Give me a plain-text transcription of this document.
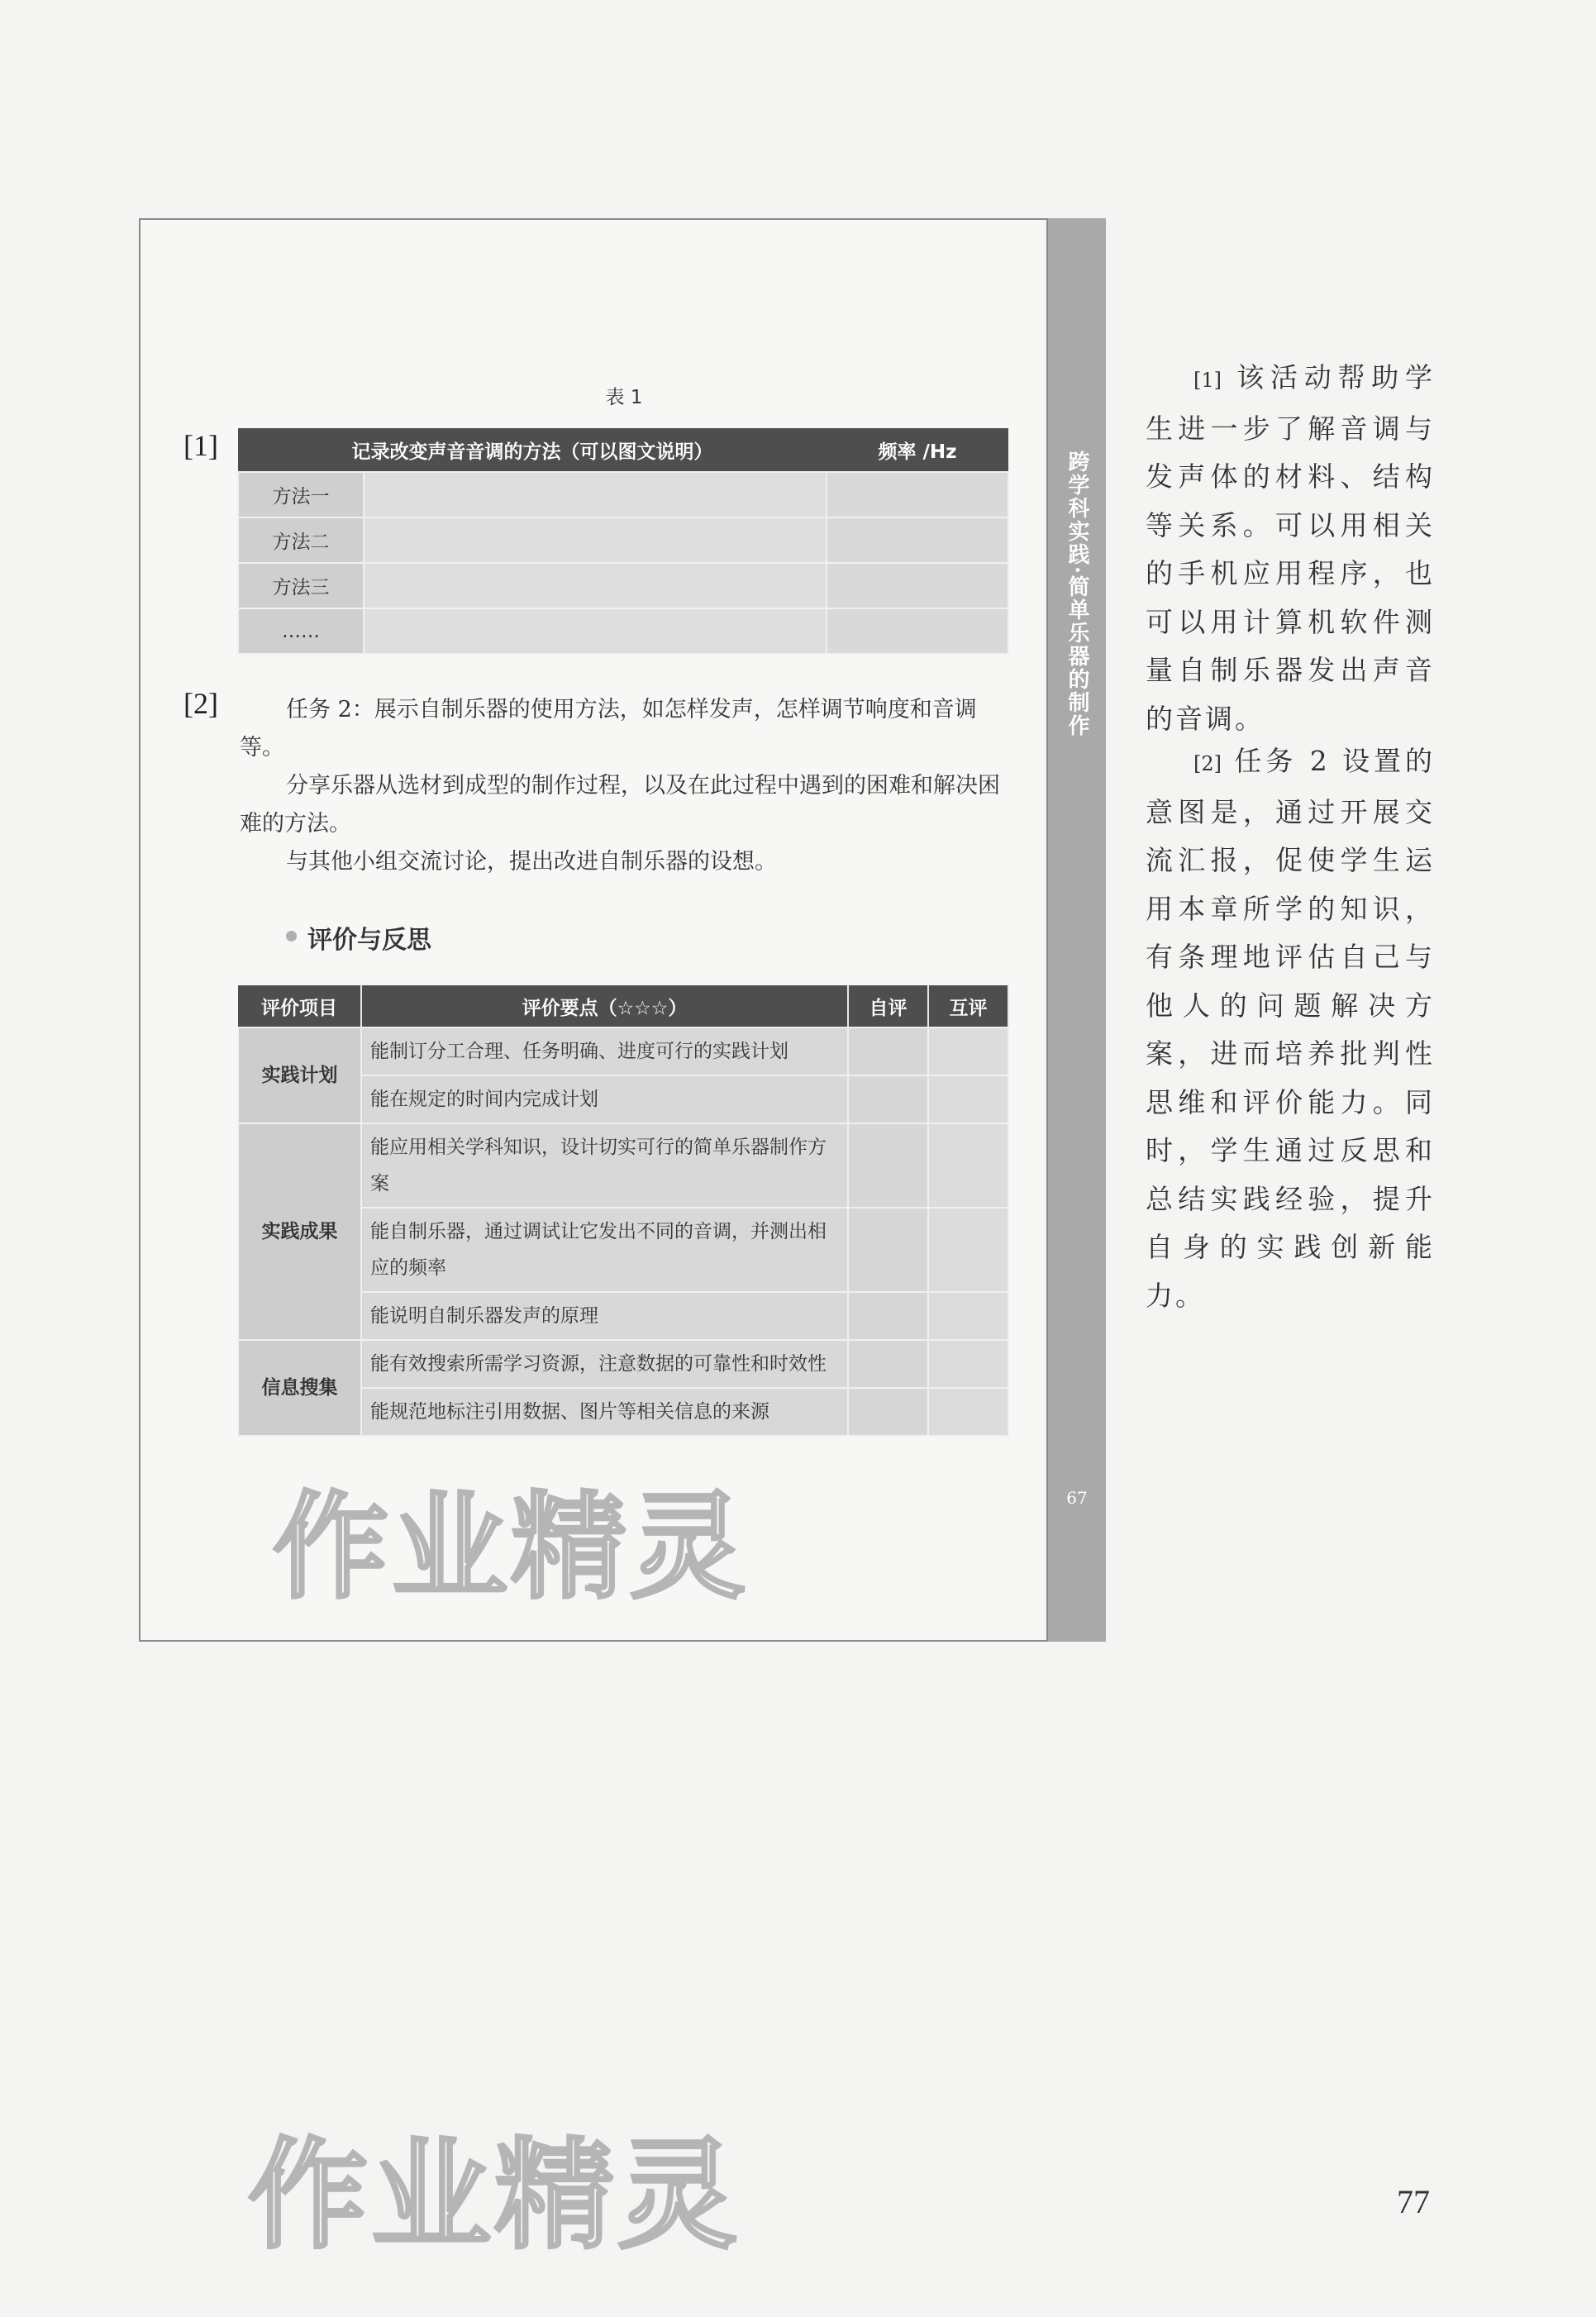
跨学科实践·简单乐器的制作
67
表 1
[1]	记录改变声音音调的方法（可以图文说明）		频率 /Hz
方法一		
方法二		
方法三		
……		
[2]	任务 2：展示自制乐器的使用方法，如怎样发声，怎样调节响度和音调等。

分享乐器从选材到成型的制作过程，以及在此过程中遇到的困难和解决困难的方法。

与其他小组交流讨论，提出改进自制乐器的设想。

评价与反思
评价项目	评价要点（☆☆☆）	自评	互评
实践计划	能制订分工合理、任务明确、进度可行的实践计划		
	能在规定的时间内完成计划		
实践成果	能应用相关学科知识，设计切实可行的简单乐器制作方案		
	能自制乐器，通过调试让它发出不同的音调，并测出相应的频率		
	能说明自制乐器发声的原理		
信息搜集	能有效搜索所需学习资源，注意数据的可靠性和时效性		
	能规范地标注引用数据、图片等相关信息的来源		
作业精灵
[1] 该活动帮助学生进一步了解音调与发声体的材料、结构等关系。可以用相关的手机应用程序，也可以用计算机软件测量自制乐器发出声音的音调。
[2] 任务 2 设置的意图是，通过开展交流汇报，促使学生运用本章所学的知识，有条理地评估自己与他人的问题解决方案，进而培养批判性思维和评价能力。同时，学生通过反思和总结实践经验，提升自身的实践创新能力。
作业精灵	77
